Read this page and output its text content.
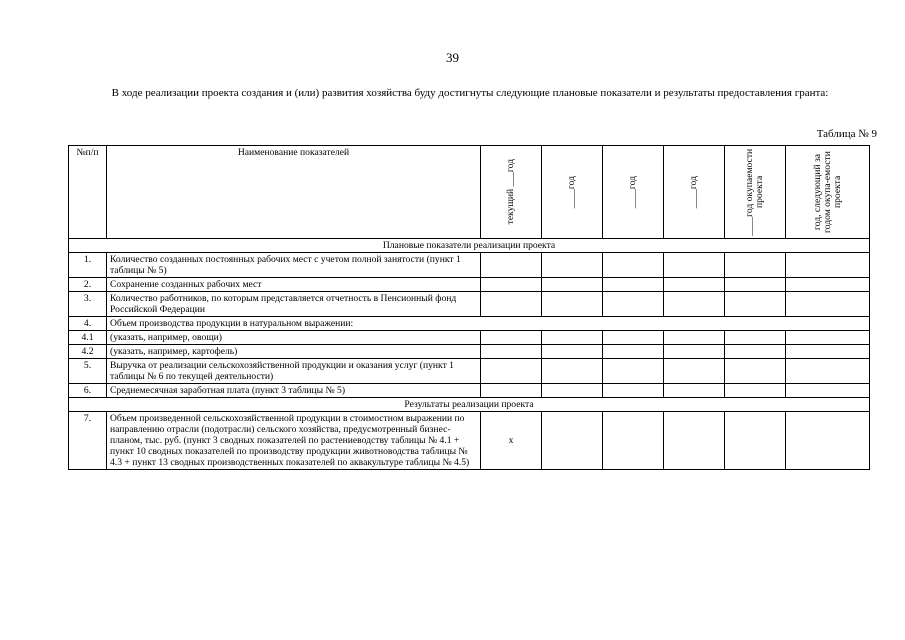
39
В ходе реализации проекта создания и (или) развития хозяйства буду достигнуты следующие плановые показатели и результаты предоставления гранта:
Таблица № 9
№п/п	Наименование показателей	текущий ___год	____год	____год	____год	____год окупаемости проекта	год, следующий за годом окупа-емости проекта

Плановые показатели реализации проекта							
1.	Количество созданных постоянных рабочих мест с учетом полной занятости (пункт 1 таблицы № 5)						
2.	Сохранение созданных рабочих мест						
3.	Количество работников, по которым представляется отчетность в Пенсионный фонд Российской Федерации						
4.	Объем производства продукции в натуральном выражении:						
4.1	(указать, например, овощи)						
4.2	(указать, например, картофель)						
5.	Выручка от реализации сельскохозяйственной продукции и оказания услуг (пункт 1 таблицы № 6 по текущей деятельности)						
6.	Среднемесячная заработная плата (пункт 3 таблицы № 5)						
Результаты реализации проекта							
7.	Объем произведенной сельскохозяйственной продукции в стоимостном выражении по направлению отрасли (подотрасли) сельского хозяйства, предусмотренный бизнес-планом, тыс. руб. (пункт 3 сводных показателей по растениеводству таблицы № 4.1 + пункт 10 сводных показателей по производству продукции животноводства таблицы № 4.3 + пункт 13 сводных производственных показателей по аквакультуре таблицы № 4.5)	х					
